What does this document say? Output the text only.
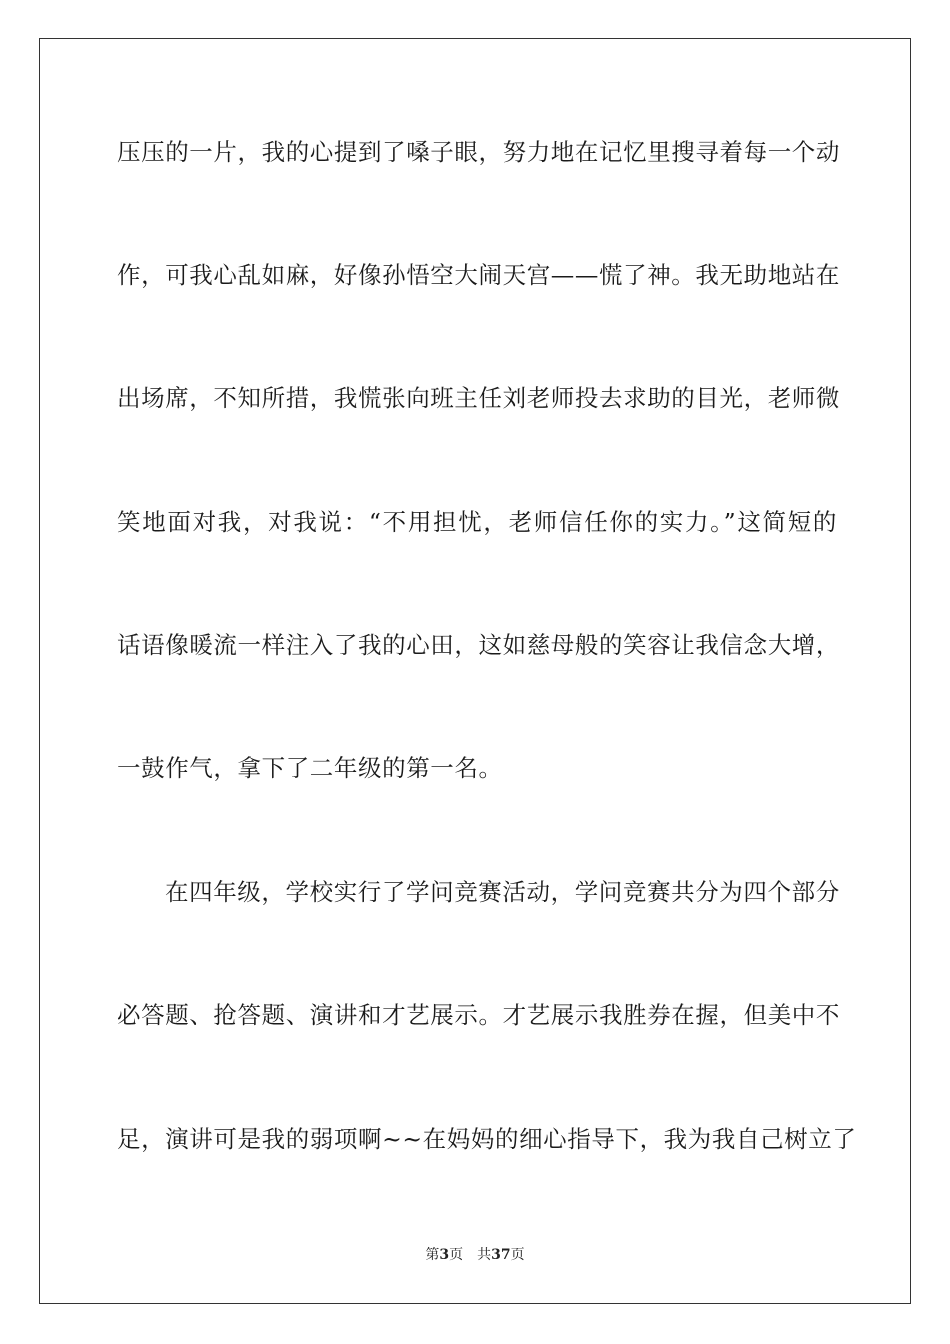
压压的一片，我的心提到了嗓子眼，努力地在记忆里搜寻着每一个动
作，可我心乱如麻，好像孙悟空大闹天宫——慌了神。我无助地站在
出场席，不知所措，我慌张向班主任刘老师投去求助的目光，老师微
笑地面对我，对我说：“不用担忧，老师信任你的实力。”这简短的
话语像暖流一样注入了我的心田，这如慈母般的笑容让我信念大增，
一鼓作气，拿下了二年级的第一名。
在四年级，学校实行了学问竞赛活动，学问竞赛共分为四个部分
必答题、抢答题、演讲和才艺展示。才艺展示我胜券在握，但美中不
足，演讲可是我的弱项啊~~在妈妈的细心指导下，我为我自己树立了
第3页 共37页
